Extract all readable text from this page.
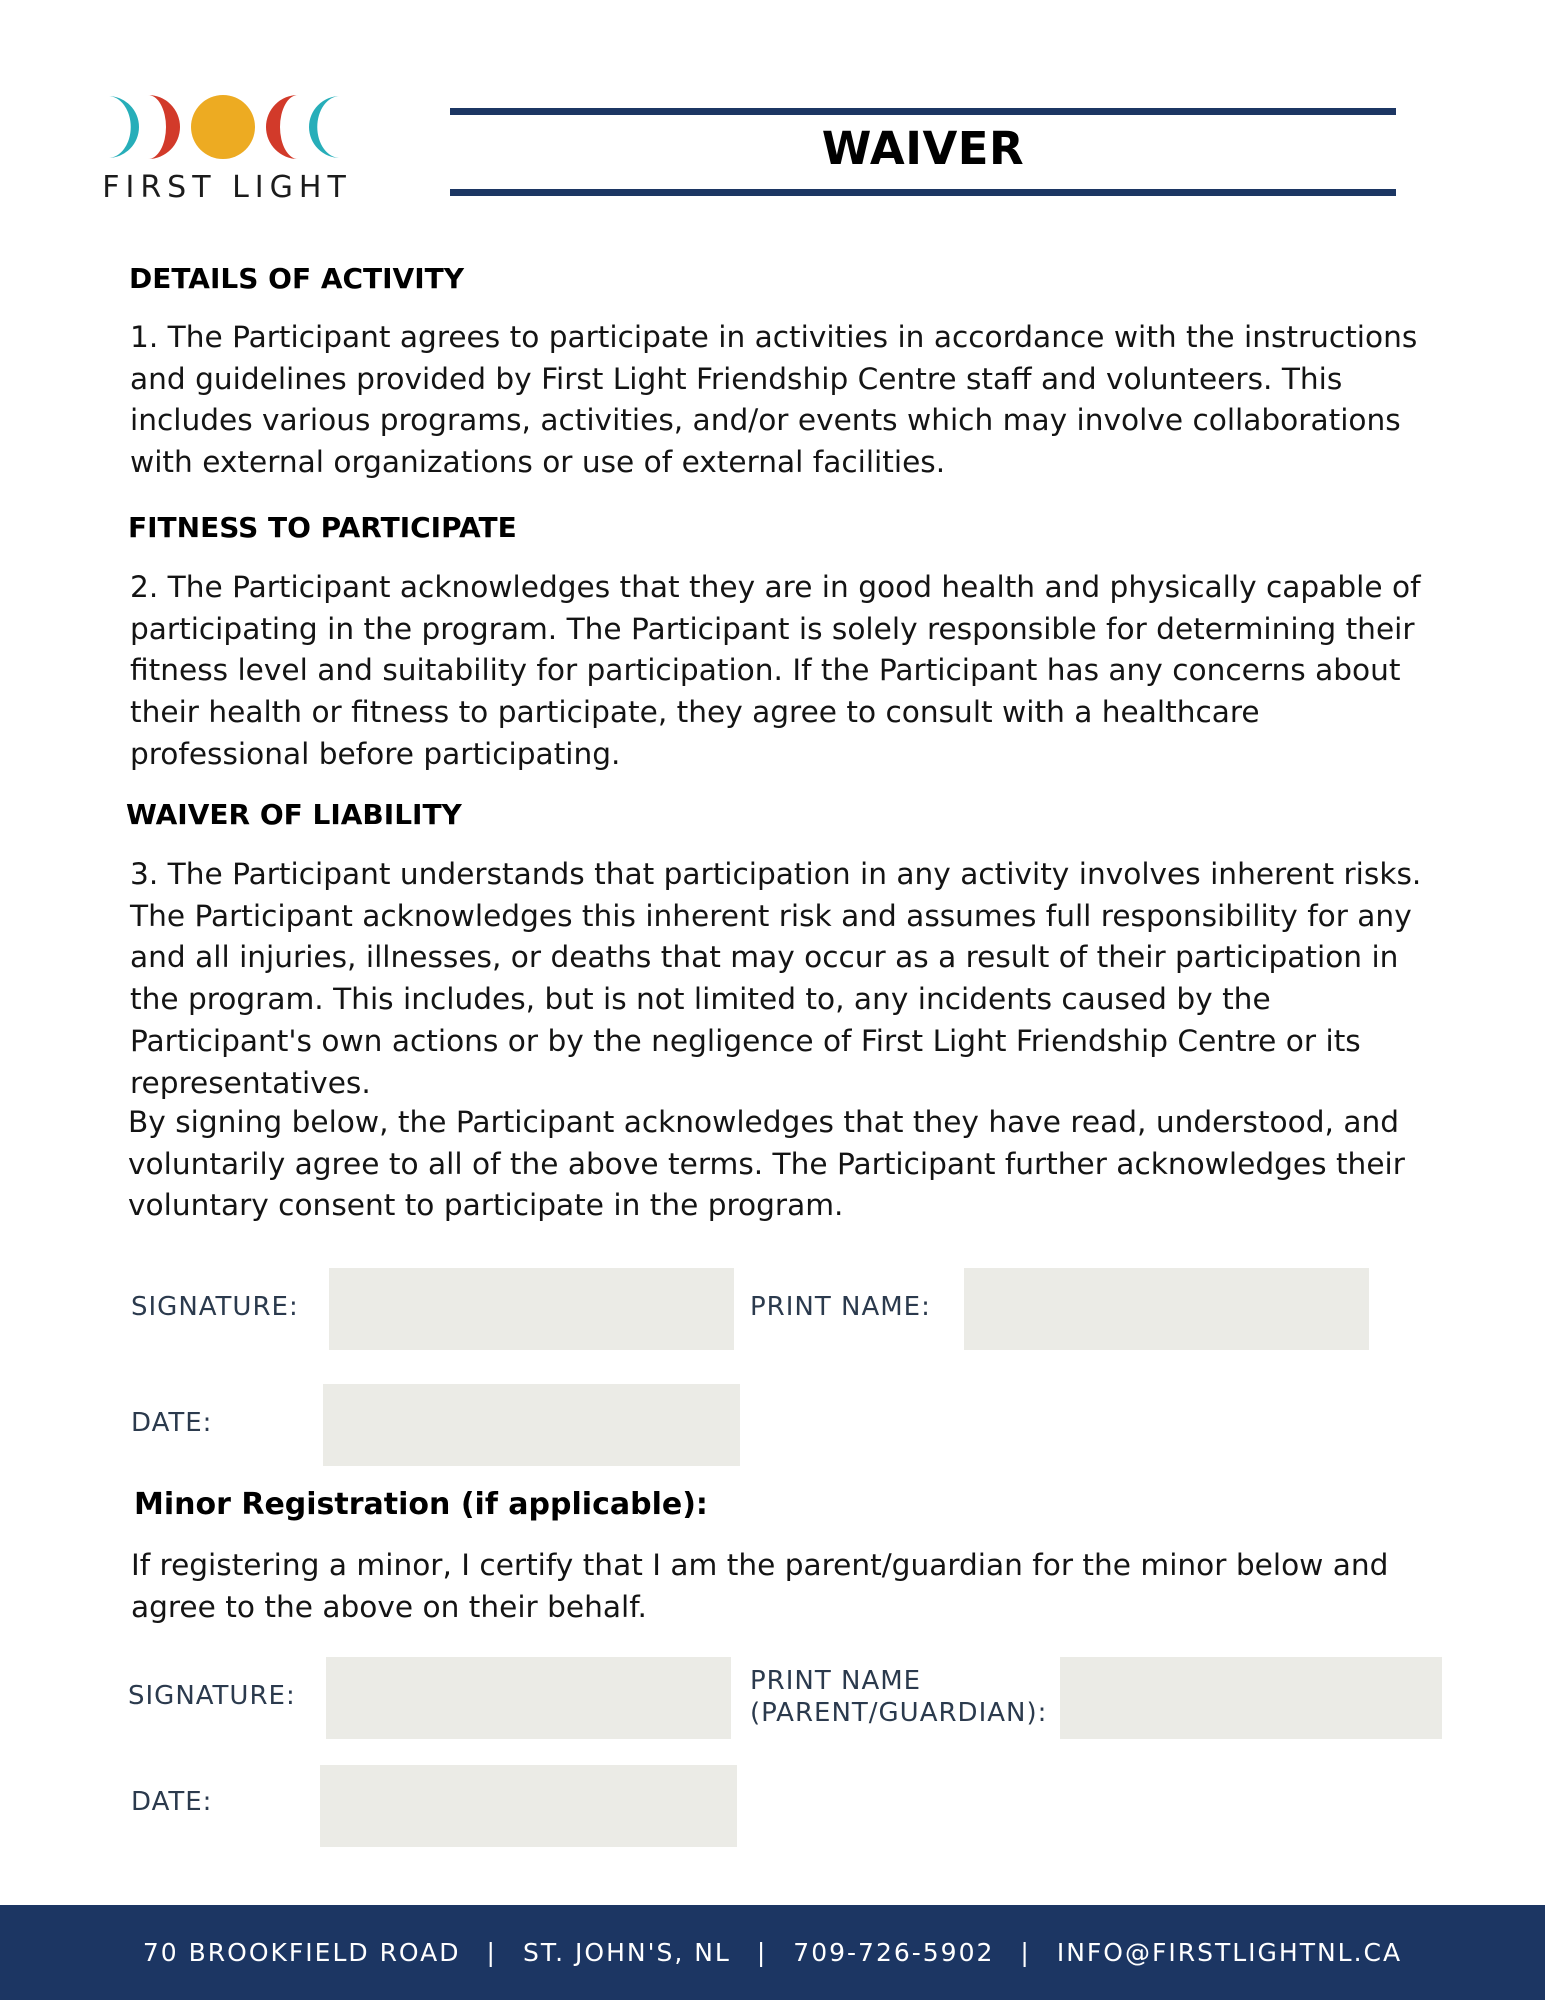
FIRST LIGHT
WAIVER
DETAILS OF ACTIVITY
1. The Participant agrees to participate in activities in accordance with the instructions and guidelines provided by First Light Friendship Centre staff and volunteers. This includes various programs, activities, and/or events which may involve collaborations with external organizations or use of external facilities.
FITNESS TO PARTICIPATE
2. The Participant acknowledges that they are in good health and physically capable of participating in the program. The Participant is solely responsible for determining their fitness level and suitability for participation. If the Participant has any concerns about their health or fitness to participate, they agree to consult with a healthcare professional before participating.
WAIVER OF LIABILITY
3. The Participant understands that participation in any activity involves inherent risks. The Participant acknowledges this inherent risk and assumes full responsibility for any and all injuries, illnesses, or deaths that may occur as a result of their participation in the program. This includes, but is not limited to, any incidents caused by the Participant's own actions or by the negligence of First Light Friendship Centre or its representatives.
By signing below, the Participant acknowledges that they have read, understood, and voluntarily agree to all of the above terms. The Participant further acknowledges their voluntary consent to participate in the program.
SIGNATURE:	PRINT NAME:
DATE:
Minor Registration (if applicable):
If registering a minor, I certify that I am the parent/guardian for the minor below and agree to the above on their behalf.
SIGNATURE:	PRINT NAME
(PARENT/GUARDIAN):
DATE:
70 BROOKFIELD ROAD | ST. JOHN'S, NL | 709-726-5902 | INFO@FIRSTLIGHTNL.CA
